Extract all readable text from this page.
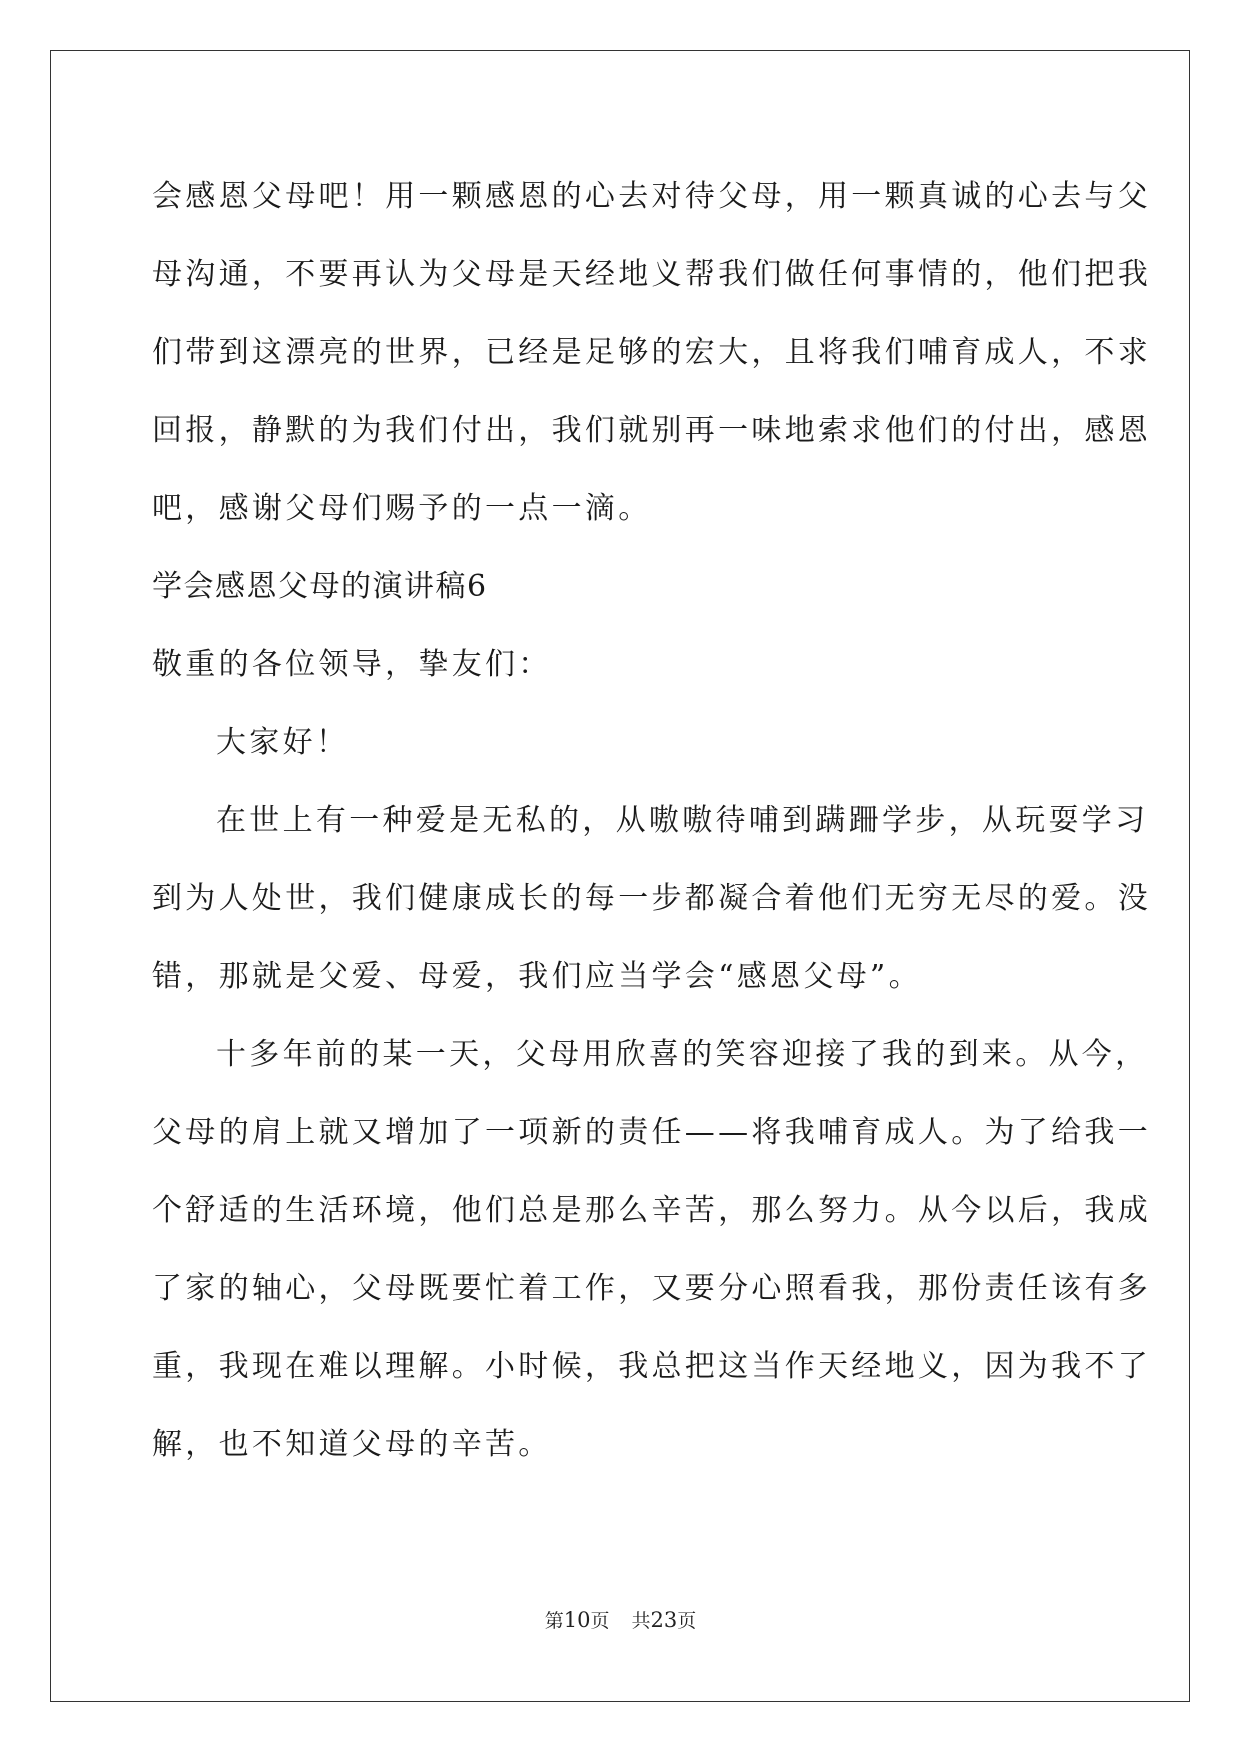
会感恩父母吧！用一颗感恩的心去对待父母，用一颗真诚的心去与父
母沟通，不要再认为父母是天经地义帮我们做任何事情的，他们把我
们带到这漂亮的世界，已经是足够的宏大，且将我们哺育成人，不求
回报，静默的为我们付出，我们就别再一味地索求他们的付出，感恩
吧，感谢父母们赐予的一点一滴。
学会感恩父母的演讲稿6
敬重的各位领导，挚友们：
大家好！
在世上有一种爱是无私的，从嗷嗷待哺到蹒跚学步，从玩耍学习
到为人处世，我们健康成长的每一步都凝合着他们无穷无尽的爱。没
错，那就是父爱、母爱，我们应当学会“感恩父母”。
十多年前的某一天，父母用欣喜的笑容迎接了我的到来。从今，
父母的肩上就又增加了一项新的责任——将我哺育成人。为了给我一
个舒适的生活环境，他们总是那么辛苦，那么努力。从今以后，我成
了家的轴心，父母既要忙着工作，又要分心照看我，那份责任该有多
重，我现在难以理解。小时候，我总把这当作天经地义，因为我不了
解，也不知道父母的辛苦。
第10页 共23页
